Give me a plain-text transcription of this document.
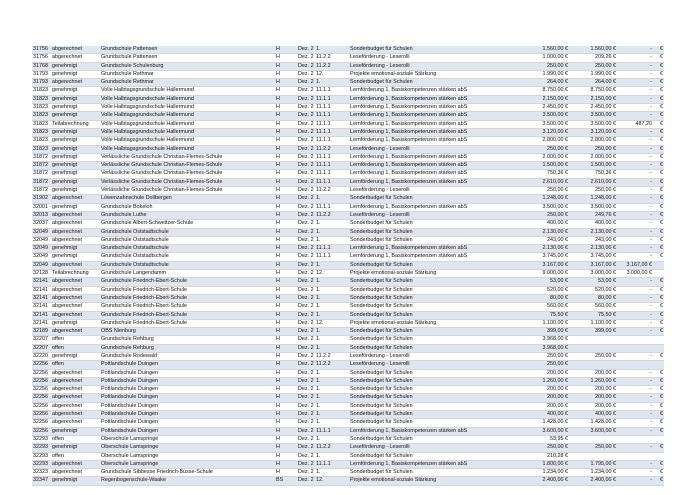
31756	abgerechnet	Grundschule Pattensen	H	Dez. 2	1.		Sonderbudget für Schulen	1.560,00 €	1.560,00 €	-	€
31756	abgerechnet	Grundschule Pattensen	H	Dez. 2	11.2.2		Leseförderung - Leserolli	1.000,00 €	209,26 €	-	€
31768	genehmigt	Grundschule Schulenburg	H	Dez. 2	11.2.2		Leseförderung - Leserolli	250,00 €	250,00 €	-	€
31793	genehmigt	Grundschule Rethmar	H	Dez. 2	12.		Projekte emotional-soziale Stärkung	1.990,00 €	1.990,00 €	-	€
31793	abgerechnet	Grundschule Rethmar	H	Dez. 2	1.		Sonderbudget für Schulen	264,00 €	264,00 €	-	€
31823	genehmigt	Volle Halbtagsgrundschule Hallermund	H	Dez. 2	11.1.1		Lernförderung 1, Basiskompetenzen stärken abS	8.750,00 €	8.750,00 €	-	€
31823	genehmigt	Volle Halbtagsgrundschule Hallermund	H	Dez. 2	11.1.1		Lernförderung 1, Basiskompetenzen stärken abS	2.150,00 €	2.150,00 €	-	€
31823	genehmigt	Volle Halbtagsgrundschule Hallermund	H	Dez. 2	11.1.1		Lernförderung 1, Basiskompetenzen stärken abS	2.450,00 €	2.450,00 €	-	€
31823	genehmigt	Volle Halbtagsgrundschule Hallermund	H	Dez. 2	11.1.1		Lernförderung 1, Basiskompetenzen stärken abS	3.500,00 €	3.500,00 €	-	€
31823	Teilabrechnung	Volle Halbtagsgrundschule Hallermund	H	Dez. 2	11.1.1		Lernförderung 1, Basiskompetenzen stärken abS	3.500,00 €	3.500,00 €	487,20	€
31823	genehmigt	Volle Halbtagsgrundschule Hallermund	H	Dez. 2	11.1.1		Lernförderung 1, Basiskompetenzen stärken abS	3.120,00 €	3.120,00 €	-	€
31823	genehmigt	Volle Halbtagsgrundschule Hallermund	H	Dez. 2	11.1.1		Lernförderung 1, Basiskompetenzen stärken abS	2.800,00 €	2.800,00 €	-	€
31823	genehmigt	Volle Halbtagsgrundschule Hallermund	H	Dez. 2	11.2.2		Leseförderung - Leserolli	250,00 €	250,00 €	-	€
31872	genehmigt	Verlässliche Grundschule Christian-Flemes-Schule	H	Dez. 2	11.1.1		Lernförderung 1, Basiskompetenzen stärken abS	2.000,00 €	2.000,00 €	-	€
31872	genehmigt	Verlässliche Grundschule Christian-Flemes-Schule	H	Dez. 2	11.1.1		Lernförderung 1, Basiskompetenzen stärken abS	1.500,00 €	1.500,00 €	-	€
31872	genehmigt	Verlässliche Grundschule Christian-Flemes-Schule	H	Dez. 2	11.1.1		Lernförderung 1, Basiskompetenzen stärken abS	750,36 €	750,36 €	-	€
31872	genehmigt	Verlässliche Grundschule Christian-Flemes-Schule	H	Dez. 2	11.1.1		Lernförderung 1, Basiskompetenzen stärken abS	2.610,00 €	2.610,00 €	-	€
31872	genehmigt	Verlässliche Grundschule Christian-Flemes-Schule	H	Dez. 2	11.2.2		Leseförderung - Leserolli	250,00 €	250,00 €	-	€
31902	abgerechnet	Löwenzahnschule Dollbergen	H	Dez. 2	1.		Sonderbudget für Schulen	1.248,00 €	1.248,00 €	-	€
32001	genehmigt	Grundschule Bokeloh	H	Dez. 2	11.1.1		Lernförderung 1, Basiskompetenzen stärken abS	3.500,00 €	3.500,00 €	-	€
32013	abgerechnet	Grundschule Luthe	H	Dez. 2	11.2.2		Leseförderung - Leserolli	250,00 €	249,76 €	-	€
32037	abgerechnet	Grundschule Albert-Schweitzer-Schule	H	Dez. 2	1.		Sonderbudget für Schulen	400,00 €	400,00 €	-	€
32049	abgerechnet	Grundschule Oststadtschule	H	Dez. 2	1.		Sonderbudget für Schulen	2.130,00 €	2.130,00 €	-	€
32049	abgerechnet	Grundschule Oststadtschule	H	Dez. 2	1.		Sonderbudget für Schulen	243,00 €	243,00 €	-	€
32049	genehmigt	Grundschule Oststadtschule	H	Dez. 2	11.1.1		Lernförderung 1, Basiskompetenzen stärken abS	2.130,00 €	2.130,00 €	-	€
32049	genehmigt	Grundschule Oststadtschule	H	Dez. 2	11.1.1		Lernförderung 1, Basiskompetenzen stärken abS	3.745,00 €	3.745,00 €	-	€
32049	abgerechnet	Grundschule Oststadtschule	H	Dez. 2	1.		Sonderbudget für Schulen	3.167,00 €	3.167,00 €	3.167,00 €	
32128	Teilabrechnung	Grundschule Langendamm	H	Dez. 2	12.		Projekte emotional-soziale Stärkung	9.000,00 €	3.000,00 €	3.000,00 €	
32141	abgerechnet	Grundschule Friedrich-Ebert-Schule	H	Dez. 2	1.		Sonderbudget für Schulen	53,00 €	53,00 €	-	€
32141	abgerechnet	Grundschule Friedrich-Ebert-Schule	H	Dez. 2	1.		Sonderbudget für Schulen	520,00 €	520,00 €	-	€
32141	abgerechnet	Grundschule Friedrich-Ebert-Schule	H	Dez. 2	1.		Sonderbudget für Schulen	80,00 €	80,00 €	-	€
32141	abgerechnet	Grundschule Friedrich-Ebert-Schule	H	Dez. 2	1.		Sonderbudget für Schulen	560,00 €	560,00 €	-	€
32141	abgerechnet	Grundschule Friedrich-Ebert-Schule	H	Dez. 2	1.		Sonderbudget für Schulen	75,50 €	75,50 €	-	€
32141	genehmigt	Grundschule Friedrich-Ebert-Schule	H	Dez. 2	12.		Projekte emotional-soziale Stärkung	1.100,00 €	1.100,00 €	-	€
32189	abgerechnet	OBS Nienburg	H	Dez. 2	1.		Sonderbudget für Schulen	399,00 €	399,00 €	-	€
32207	offen	Grundschule Rehburg	H	Dez. 2	1.		Sonderbudget für Schulen	3.968,00 €			
32207	offen	Grundschule Rehburg	H	Dez. 2	1.		Sonderbudget für Schulen	3.968,00 €			
32220	genehmigt	Grundschule Rodewald	H	Dez. 2	11.2.2		Leseförderung - Leserolli	250,00 €	250,00 €	-	€
32256	offen	Pottlandschule Duingen	H	Dez. 2	11.2.2		Leseförderung - Leserolli	250,00 €			
32256	abgerechnet	Pottlandschule Duingen	H	Dez. 2	1.		Sonderbudget für Schulen	200,00 €	200,00 €	-	€
32256	abgerechnet	Pottlandschule Duingen	H	Dez. 2	1.		Sonderbudget für Schulen	1.260,00 €	1.260,00 €	-	€
32256	abgerechnet	Pottlandschule Duingen	H	Dez. 2	1.		Sonderbudget für Schulen	200,00 €	200,00 €	-	€
32256	abgerechnet	Pottlandschule Duingen	H	Dez. 2	1.		Sonderbudget für Schulen	200,00 €	200,00 €	-	€
32256	abgerechnet	Pottlandschule Duingen	H	Dez. 2	1.		Sonderbudget für Schulen	200,00 €	200,00 €	-	€
32256	abgerechnet	Pottlandschule Duingen	H	Dez. 2	1.		Sonderbudget für Schulen	400,00 €	400,00 €	-	€
32256	abgerechnet	Pottlandschule Duingen	H	Dez. 2	1.		Sonderbudget für Schulen	1.428,00 €	1.428,00 €	-	€
32256	genehmigt	Pottlandschule Duingen	H	Dez. 2	11.1.1		Lernförderung 1, Basiskompetenzen stärken abS	3.600,00 €	3.600,00 €	-	€
32293	offen	Oberschule Lamspringe	H	Dez. 2	1.		Sonderbudget für Schulen	53,95 €			
32293	genehmigt	Oberschule Lamspringe	H	Dez. 2	11.2.2		Leseförderung - Leserolli	250,00 €	250,00 €	-	€
32293	offen	Oberschule Lamspringe	H	Dez. 2	1.		Sonderbudget für Schulen	210,28 €			
32293	abgerechnet	Oberschule Lamspringe	H	Dez. 2	11.1.1		Lernförderung 1, Basiskompetenzen stärken abS	1.800,00 €	1.795,00 €	-	€
32323	abgerechnet	Grundschule Sibbesse Friedrich-Busse-Schule	H	Dez. 2	1.		Sonderbudget für Schulen	1.234,00 €	1.234,00 €	-	€
32347	genehmigt	Regenbogenschule-Waake	BS	Dez. 2	12.		Projekte emotional-soziale Stärkung	2.400,00 €	2.400,00 €	-	€
